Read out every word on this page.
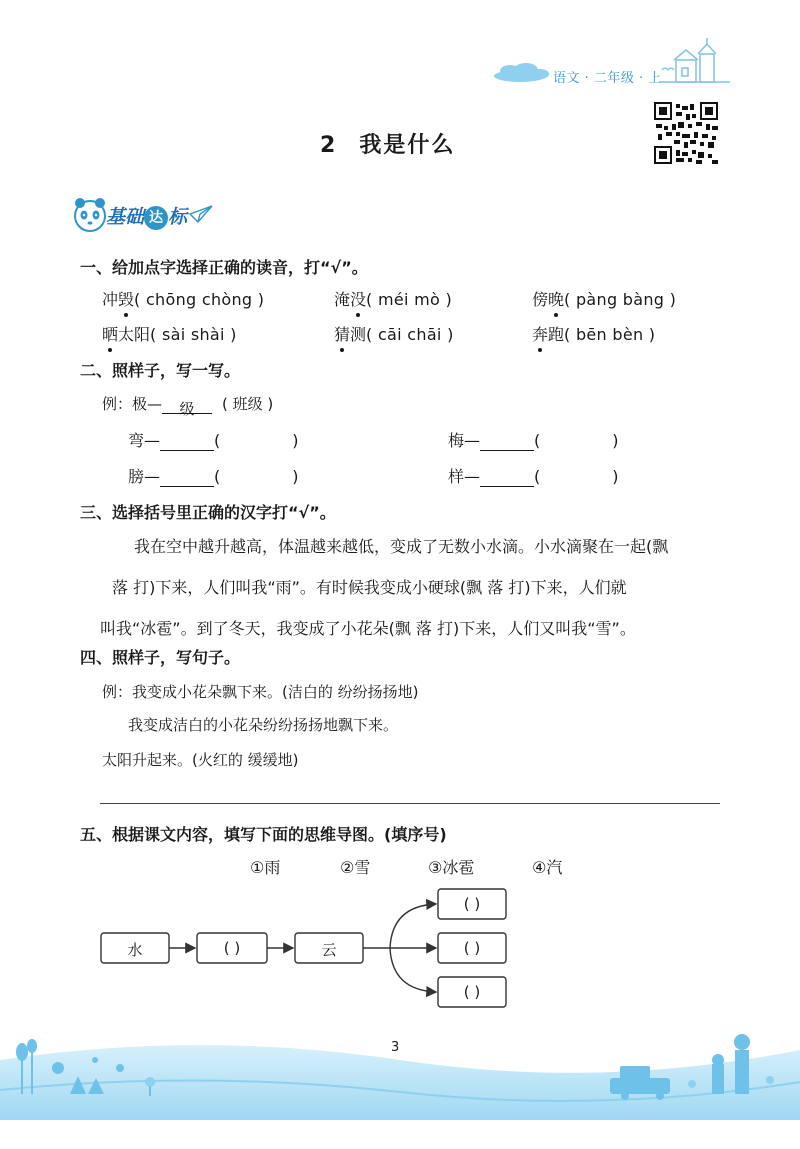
语文 · 二年级 · 上
2 我是什么
基础 达 标
一、给加点字选择正确的读音，打“√”。
冲毁( chōng chòng )	淹没( méi mò )	傍晚( pàng bàng )
晒太阳( sài shài )	猜测( cāi chāi )	奔跑( bēn bèn )
二、照样子，写一写。
例：极— 级 ( 班级 )
弯—	(	)	梅—	(	)
膀—	(	)	样—	(	)
三、选择括号里正确的汉字打“√”。
我在空中越升越高，体温越来越低，变成了无数小水滴。小水滴聚在一起(飘
落 打)下来，人们叫我“雨”。有时候我变成小硬球(飘 落 打)下来，人们就
叫我“冰雹”。到了冬天，我变成了小花朵(飘 落 打)下来，人们又叫我“雪”。
四、照样子，写句子。
例：我变成小花朵飘下来。(洁白的 纷纷扬扬地)
我变成洁白的小花朵纷纷扬扬地飘下来。
太阳升起来。(火红的 缓缓地)
五、根据课文内容，填写下面的思维导图。(填序号)
①雨	②雪	③冰雹	④汽
水	( )	云
( )
( )
( )
3
